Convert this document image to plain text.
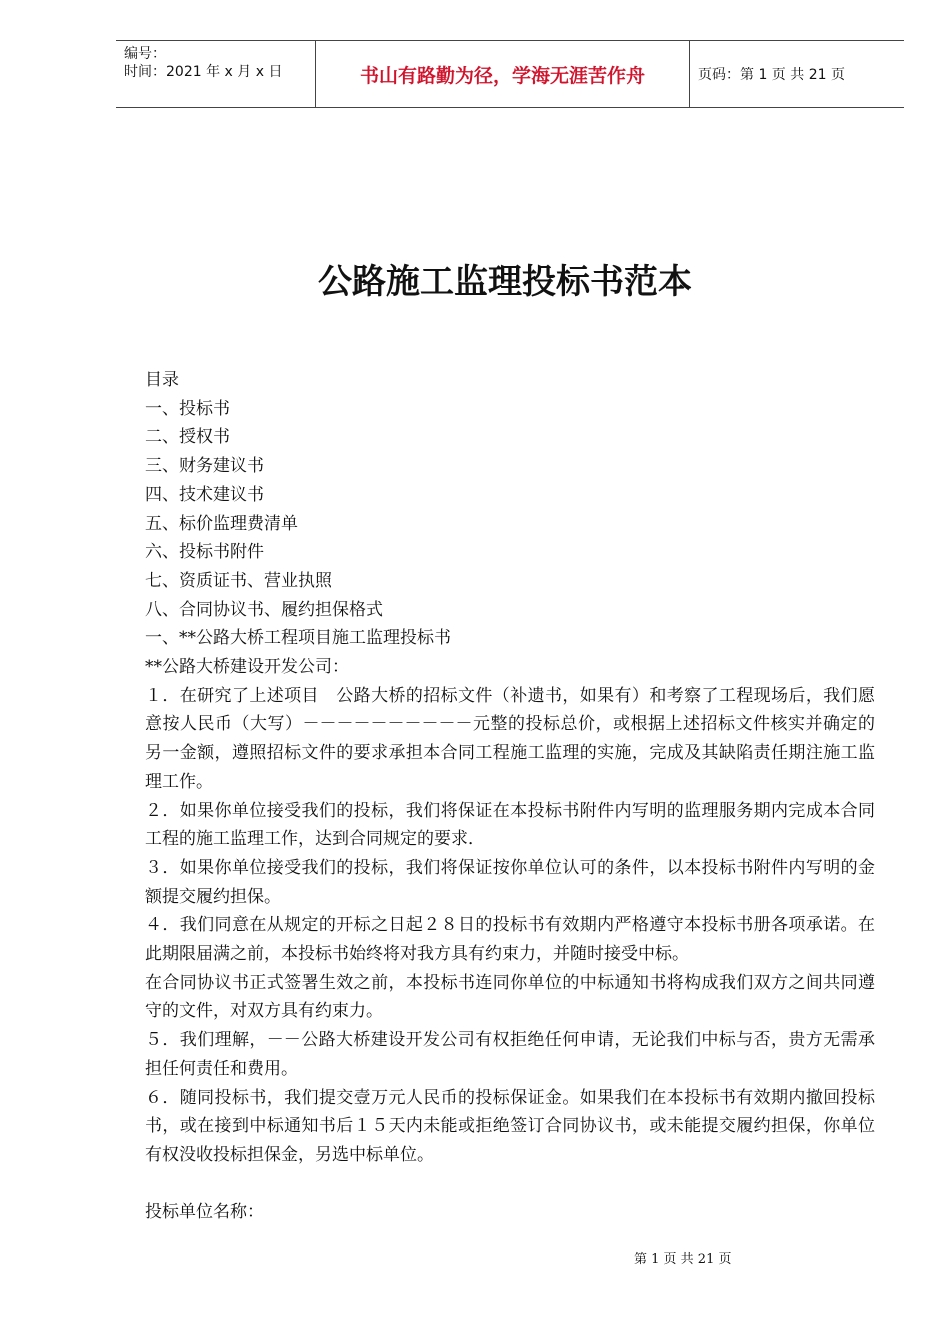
编号：
时间：2021 年 x 月 x 日	书山有路勤为径，学海无涯苦作舟	页码：第 1 页 共 21 页
公路施工监理投标书范本

目录

一、投标书

二、授权书

三、财务建议书

四、技术建议书

五、标价监理费清单

六、投标书附件

七、资质证书、营业执照

八、合同协议书、履约担保格式

一、**公路大桥工程项目施工监理投标书

**公路大桥建设开发公司：

１．在研究了上述项目　公路大桥的招标文件（补遗书，如果有）和考察了工程现场后，我们愿意按人民币（大写）－－－－－－－－－－元整的投标总价，或根据上述招标文件核实并确定的另一金额，遵照招标文件的要求承担本合同工程施工监理的实施，完成及其缺陷责任期注施工监理工作。

２．如果你单位接受我们的投标，我们将保证在本投标书附件内写明的监理服务期内完成本合同工程的施工监理工作，达到合同规定的要求．

３．如果你单位接受我们的投标，我们将保证按你单位认可的条件，以本投标书附件内写明的金额提交履约担保。

４．我们同意在从规定的开标之日起２８日的投标书有效期内严格遵守本投标书册各项承诺。在此期限届满之前，本投标书始终将对我方具有约束力，并随时接受中标。

在合同协议书正式签署生效之前，本投标书连同你单位的中标通知书将构成我们双方之间共同遵守的文件，对双方具有约束力。

５．我们理解，－－公路大桥建设开发公司有权拒绝任何申请，无论我们中标与否，贵方无需承担任何责任和费用。

６．随同投标书，我们提交壹万元人民币的投标保证金。如果我们在本投标书有效期内撤回投标书，或在接到中标通知书后１５天内未能或拒绝签订合同协议书，或未能提交履约担保，你单位有权没收投标担保金，另选中标单位。

投标单位名称：

第 1 页 共 21 页
